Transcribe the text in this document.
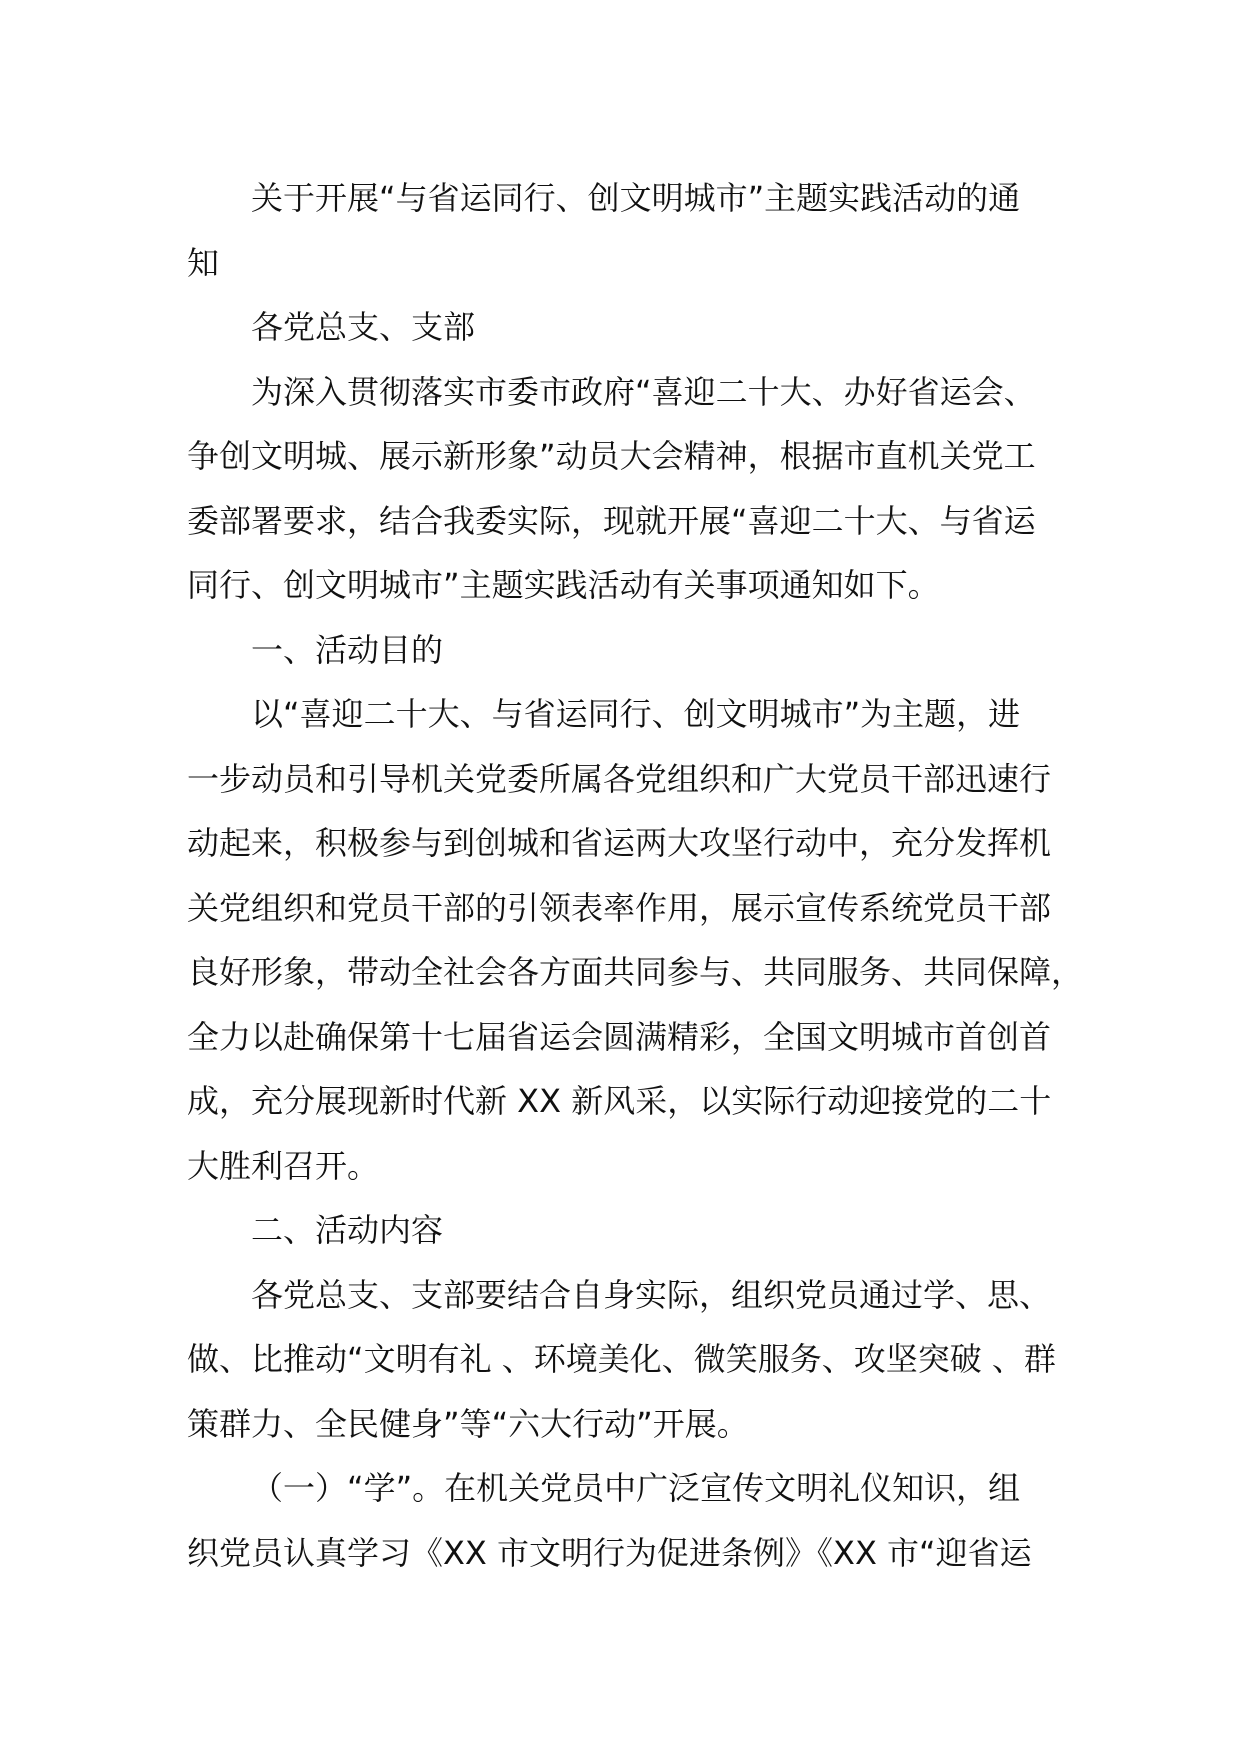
关于开展“与省运同行、创文明城市”主题实践活动的通
知
各党总支、支部
为深入贯彻落实市委市政府“喜迎二十大、办好省运会、
争创文明城、展示新形象”动员大会精神，根据市直机关党工
委部署要求，结合我委实际，现就开展“喜迎二十大、与省运
同行、创文明城市”主题实践活动有关事项通知如下。
一、活动目的
以“喜迎二十大、与省运同行、创文明城市”为主题，进
一步动员和引导机关党委所属各党组织和广大党员干部迅速行
动起来，积极参与到创城和省运两大攻坚行动中，充分发挥机
关党组织和党员干部的引领表率作用，展示宣传系统党员干部
良好形象，带动全社会各方面共同参与、共同服务、共同保障，
全力以赴确保第十七届省运会圆满精彩，全国文明城市首创首
成，充分展现新时代新 XX 新风采，以实际行动迎接党的二十
大胜利召开。
二、活动内容
各党总支、支部要结合自身实际，组织党员通过学、思、
做、比推动“文明有礼 、环境美化、微笑服务、攻坚突破 、群
策群力、全民健身”等“六大行动”开展。
（一）“学”。在机关党员中广泛宣传文明礼仪知识，组
织党员认真学习《XX 市文明行为促进条例》《XX 市“迎省运
